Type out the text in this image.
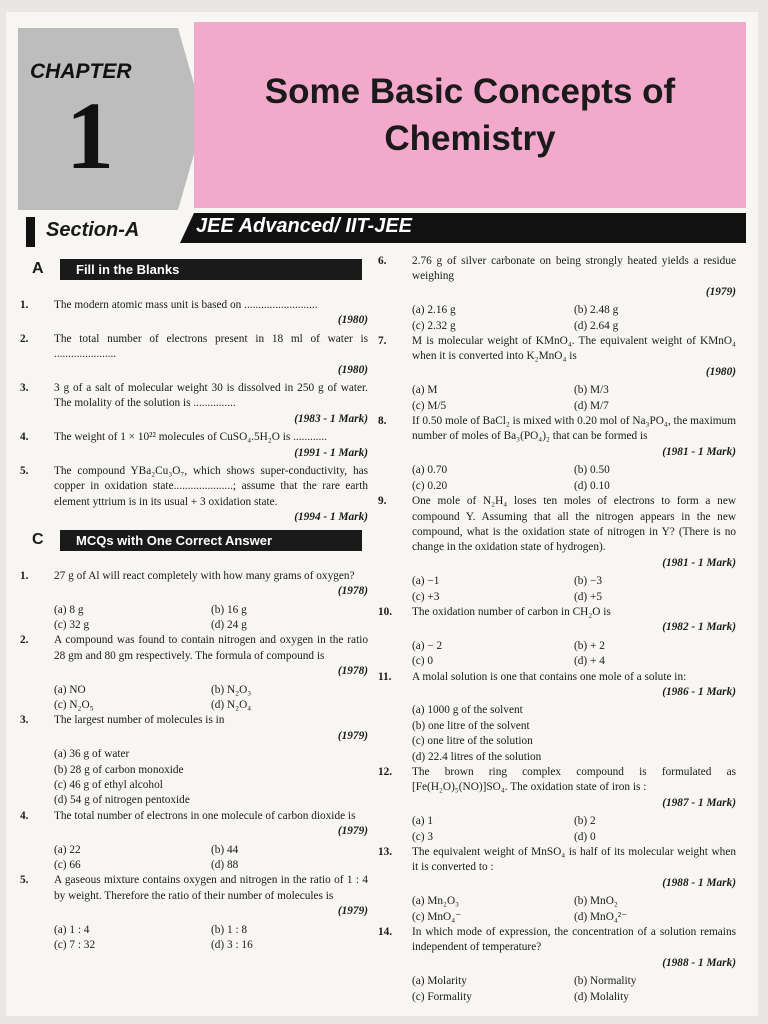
CHAPTER
1	Some Basic Concepts of
Chemistry
Section-A	JEE Advanced/ IIT-JEE
A	Fill in the Blanks
1.	The modern atomic mass unit is based on ..........................
(1980)
2.	The total number of electrons present in 18 ml of water is ......................
(1980)
3.	3 g of a salt of molecular weight 30 is dissolved in 250 g of water. The molality of the solution is ...............
(1983 - 1 Mark)
4.	The weight of 1 × 10²² molecules of CuSO₄.5H₂O is ............
(1991 - 1 Mark)
5.	The compound YBa₂Cu₃O₇, which shows super-conductivity, has copper in oxidation state.....................; assume that the rare earth element yttrium is in its usual + 3 oxidation state.
(1994 - 1 Mark)
1.	27 g of Al will react completely with how many grams of oxygen?
(1978)
(a) 8 g	(b) 16 g
(c) 32 g	(d) 24 g
2.	A compound was found to contain nitrogen and oxygen in the ratio 28 gm and 80 gm respectively. The formula of compound is
(1978)
(a) NO	(b) N₂O₃
(c) N₂O₅	(d) N₂O₄
3.	The largest number of molecules is in
(1979)
(a) 36 g of water
(b) 28 g of carbon monoxide
(c) 46 g of ethyl alcohol
(d) 54 g of nitrogen pentoxide
4.	The total number of electrons in one molecule of carbon dioxide is
(1979)
(a) 22	(b) 44
(c) 66	(d) 88
5.	A gaseous mixture contains oxygen and nitrogen in the ratio of 1 : 4 by weight. Therefore the ratio of their number of molecules is
(1979)
(a) 1 : 4	(b) 1 : 8
(c) 7 : 32	(d) 3 : 16
C	MCQs with One Correct Answer
6.	2.76 g of silver carbonate on being strongly heated yields a residue weighing
(1979)
(a) 2.16 g	(b) 2.48 g
(c) 2.32 g	(d) 2.64 g
7.	M is molecular weight of KMnO₄. The equivalent weight of KMnO₄ when it is converted into K₂MnO₄ is
(1980)
(a) M	(b) M/3
(c) M/5	(d) M/7
8.	If 0.50 mole of BaCl₂ is mixed with 0.20 mol of Na₃PO₄, the maximum number of moles of Ba₃(PO₄)₂ that can be formed is
(1981 - 1 Mark)
(a) 0.70	(b) 0.50
(c) 0.20	(d) 0.10
9.	One mole of N₂H₄ loses ten moles of electrons to form a new compound Y. Assuming that all the nitrogen appears in the new compound, what is the oxidation state of nitrogen in Y? (There is no change in the oxidation state of hydrogen).
(1981 - 1 Mark)
(a) −1	(b) −3
(c) +3	(d) +5
10.	The oxidation number of carbon in CH₂O is
(1982 - 1 Mark)
(a) − 2	(b) + 2
(c) 0	(d) + 4
11.	A molal solution is one that contains one mole of a solute in:
(1986 - 1 Mark)
(a) 1000 g of the solvent
(b) one litre of the solvent
(c) one litre of the solution
(d) 22.4 litres of the solution
12.	The brown ring complex compound is formulated as [Fe(H₂O)₅(NO)]SO₄. The oxidation state of iron is :
(1987 - 1 Mark)
(a) 1	(b) 2
(c) 3	(d) 0
13.	The equivalent weight of MnSO₄ is half of its molecular weight when it is converted to :
(1988 - 1 Mark)
(a) Mn₂O₃	(b) MnO₂
(c) MnO₄⁻	(d) MnO₄²⁻
14.	In which mode of expression, the concentration of a solution remains independent of temperature?
(1988 - 1 Mark)
(a) Molarity	(b) Normality
(c) Formality	(d) Molality
